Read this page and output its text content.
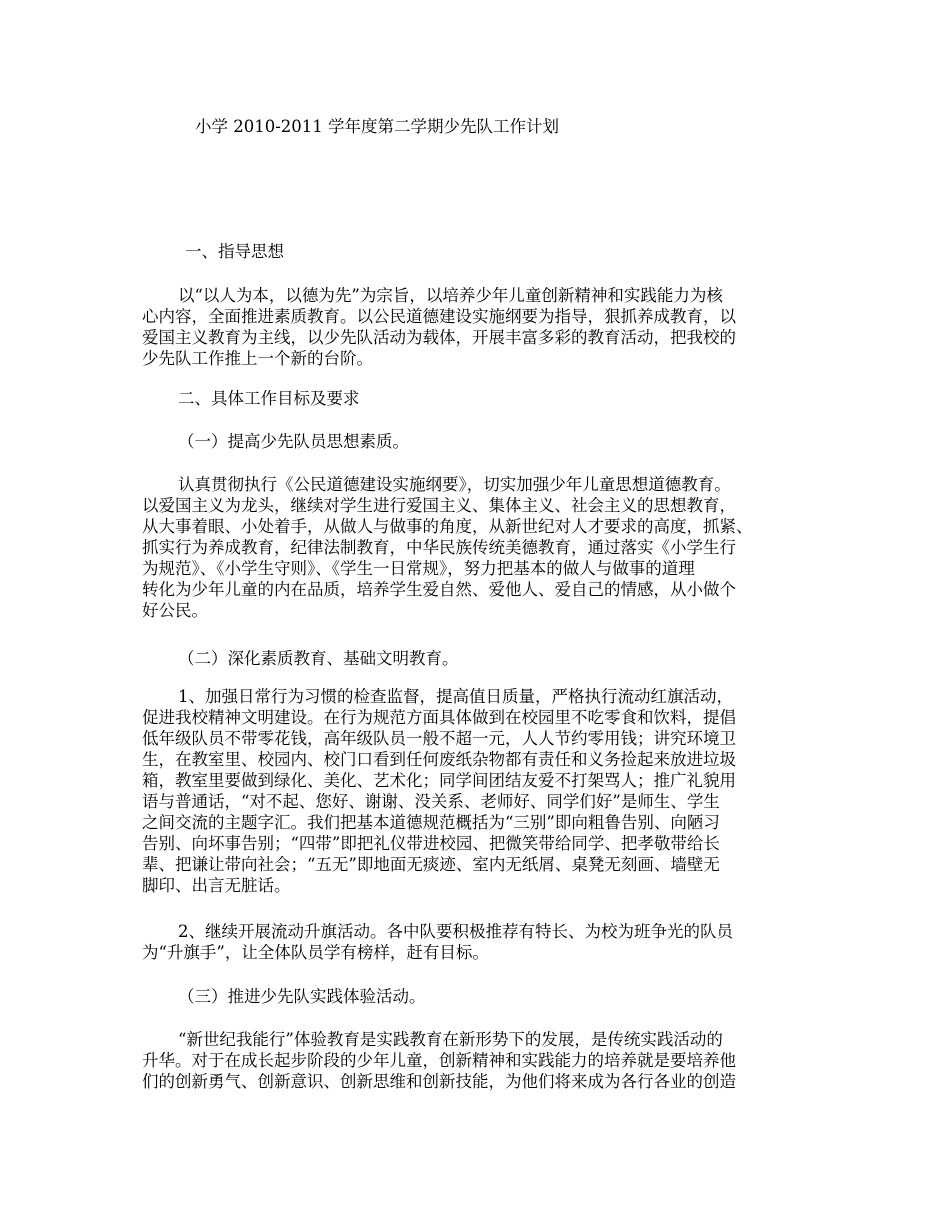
小学 2010-2011 学年度第二学期少先队工作计划
一、指导思想
以“以人为本，以德为先”为宗旨，以培养少年儿童创新精神和实践能力为核
心内容，全面推进素质教育。以公民道德建设实施纲要为指导，狠抓养成教育，以
爱国主义教育为主线，以少先队活动为载体，开展丰富多彩的教育活动，把我校的
少先队工作推上一个新的台阶。
二、具体工作目标及要求
（一）提高少先队员思想素质。
认真贯彻执行《公民道德建设实施纲要》，切实加强少年儿童思想道德教育。
以爱国主义为龙头，继续对学生进行爱国主义、集体主义、社会主义的思想教育，
从大事着眼、小处着手，从做人与做事的角度，从新世纪对人才要求的高度，抓紧、
抓实行为养成教育，纪律法制教育，中华民族传统美德教育，通过落实《小学生行
为规范》、《小学生守则》、《学生一日常规》，努力把基本的做人与做事的道理
转化为少年儿童的内在品质，培养学生爱自然、爱他人、爱自己的情感，从小做个
好公民。
（二）深化素质教育、基础文明教育。
1、加强日常行为习惯的检查监督，提高值日质量，严格执行流动红旗活动，
促进我校精神文明建设。在行为规范方面具体做到在校园里不吃零食和饮料，提倡
低年级队员不带零花钱，高年级队员一般不超一元，人人节约零用钱；讲究环境卫
生，在教室里、校园内、校门口看到任何废纸杂物都有责任和义务捡起来放进垃圾
箱，教室里要做到绿化、美化、艺术化；同学间团结友爱不打架骂人；推广礼貌用
语与普通话，“对不起、您好、谢谢、没关系、老师好、同学们好”是师生、学生
之间交流的主题字汇。我们把基本道德规范概括为“三别”即向粗鲁告别、向陋习
告别、向坏事告别；“四带”即把礼仪带进校园、把微笑带给同学、把孝敬带给长
辈、把谦让带向社会；“五无”即地面无痰迹、室内无纸屑、桌凳无刻画、墙壁无
脚印、出言无脏话。
2、继续开展流动升旗活动。各中队要积极推荐有特长、为校为班争光的队员
为“升旗手”，让全体队员学有榜样，赶有目标。
（三）推进少先队实践体验活动。
“新世纪我能行”体验教育是实践教育在新形势下的发展，是传统实践活动的
升华。对于在成长起步阶段的少年儿童，创新精神和实践能力的培养就是要培养他
们的创新勇气、创新意识、创新思维和创新技能，为他们将来成为各行各业的创造
